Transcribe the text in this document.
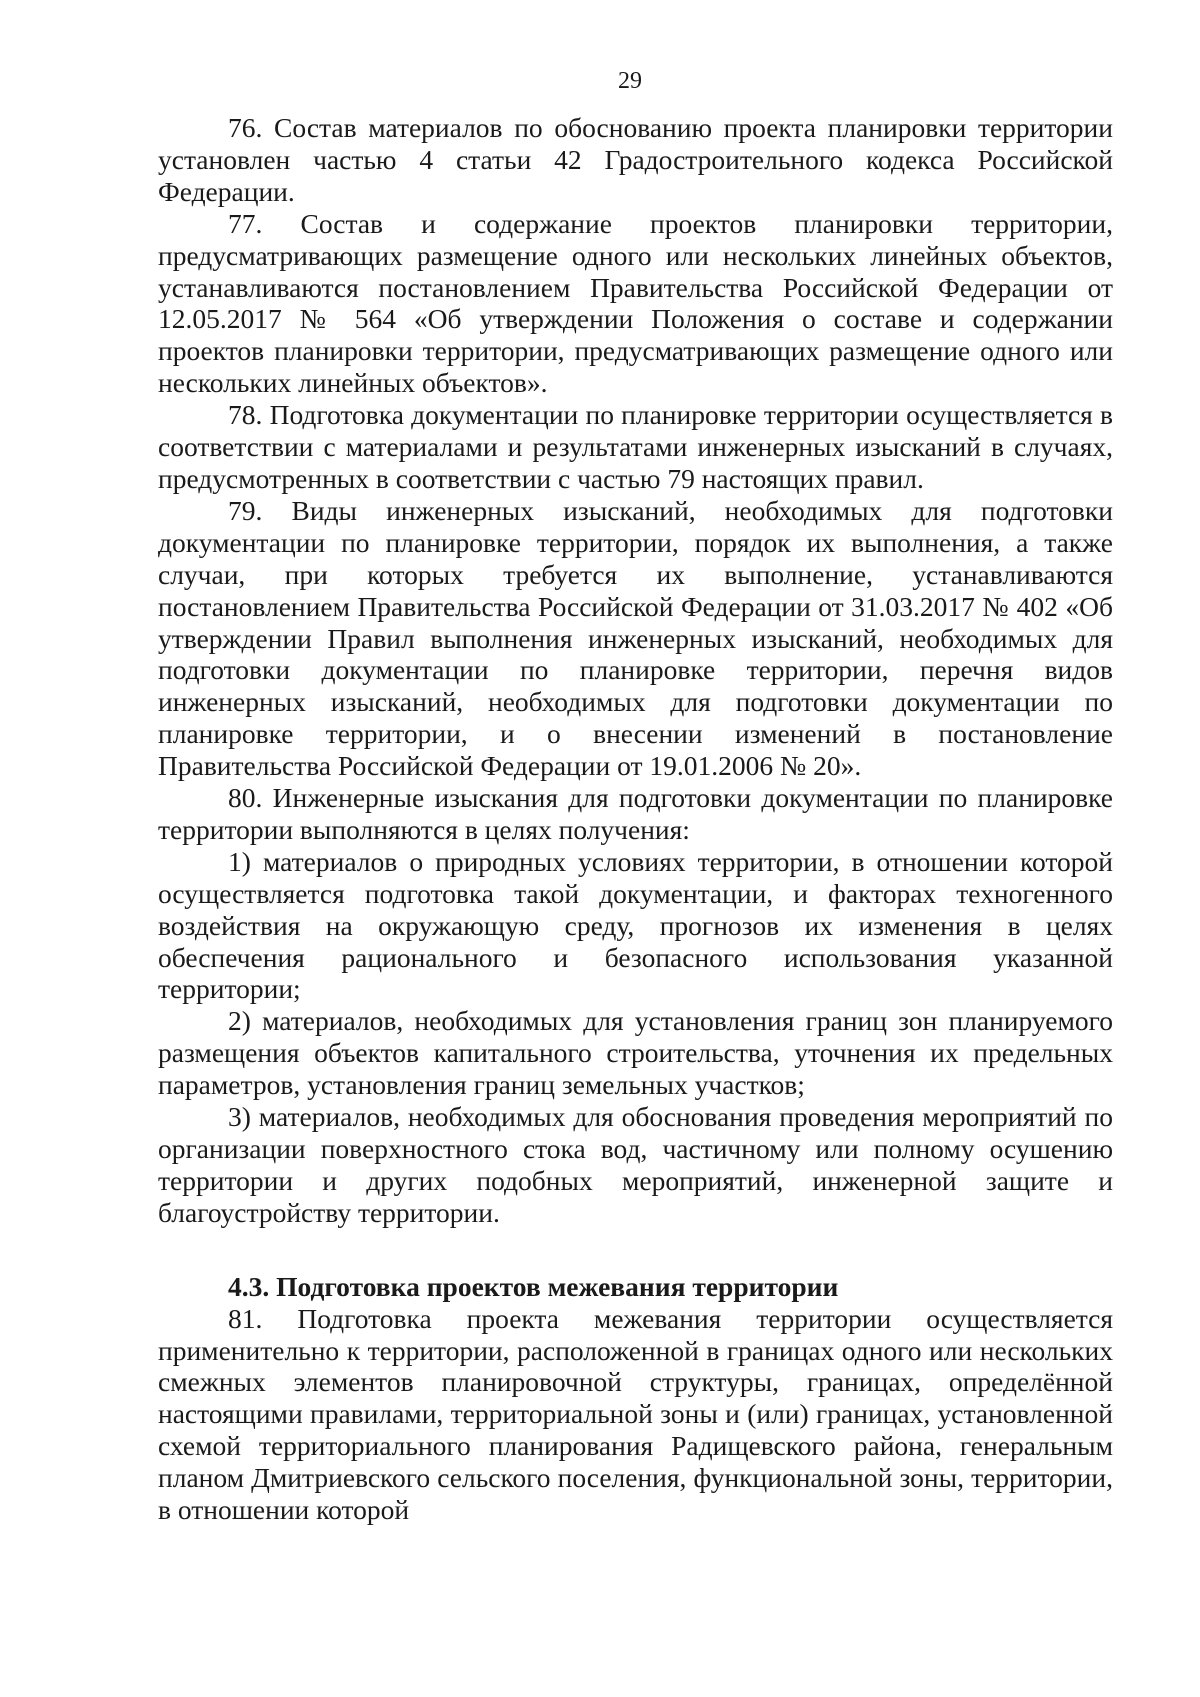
29

76. Состав материалов по обоснованию проекта планировки территории установлен частью 4 статьи 42 Градостроительного кодекса Российской Федерации.

77. Состав и содержание проектов планировки территории, предусматривающих размещение одного или нескольких линейных объектов, устанавливаются постановлением Правительства Российской Федерации от 12.05.2017 № 564 «Об утверждении Положения о составе и содержании проектов планировки территории, предусматривающих размещение одного или нескольких линейных объектов».

78. Подготовка документации по планировке территории осуществляется в соответствии с материалами и результатами инженерных изысканий в случаях, предусмотренных в соответствии с частью 79 настоящих правил.

79. Виды инженерных изысканий, необходимых для подготовки документации по планировке территории, порядок их выполнения, а также случаи, при которых требуется их выполнение, устанавливаются постановлением Правительства Российской Федерации от 31.03.2017 № 402 «Об утверждении Правил выполнения инженерных изысканий, необходимых для подготовки документации по планировке территории, перечня видов инженерных изысканий, необходимых для подготовки документации по планировке территории, и о внесении изменений в постановление Правительства Российской Федерации от 19.01.2006 № 20».

80. Инженерные изыскания для подготовки документации по планировке территории выполняются в целях получения:

1) материалов о природных условиях территории, в отношении которой осуществляется подготовка такой документации, и факторах техногенного воздействия на окружающую среду, прогнозов их изменения в целях обеспечения рационального и безопасного использования указанной территории;

2) материалов, необходимых для установления границ зон планируемого размещения объектов капитального строительства, уточнения их предельных параметров, установления границ земельных участков;

3) материалов, необходимых для обоснования проведения мероприятий по организации поверхностного стока вод, частичному или полному осушению территории и других подобных мероприятий, инженерной защите и благоустройству территории.

4.3. Подготовка проектов межевания территории

81. Подготовка проекта межевания территории осуществляется применительно к территории, расположенной в границах одного или нескольких смежных элементов планировочной структуры, границах, определённой настоящими правилами, территориальной зоны и (или) границах, установленной схемой территориального планирования Радищевского района, генеральным планом Дмитриевского сельского поселения, функциональной зоны, территории, в отношении которой
